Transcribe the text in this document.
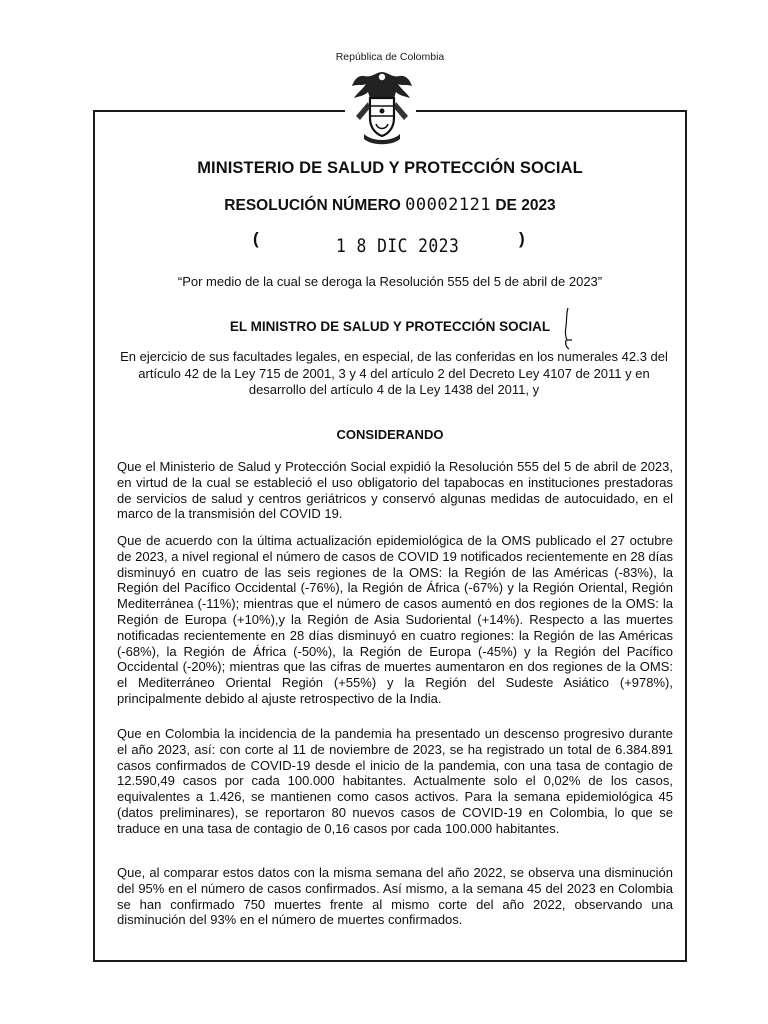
República de Colombia
MINISTERIO DE SALUD Y PROTECCIÓN SOCIAL
RESOLUCIÓN NÚMERO 00002121 DE 2023
(	1 8 DIC 2023	)
“Por medio de la cual se deroga la Resolución 555 del 5 de abril de 2023”
EL MINISTRO DE SALUD Y PROTECCIÓN SOCIAL
En ejercicio de sus facultades legales, en especial, de las conferidas en los numerales 42.3 del artículo 42 de la Ley 715 de 2001, 3 y 4 del artículo 2 del Decreto Ley 4107 de 2011 y en desarrollo del artículo 4 de la Ley 1438 del 2011, y
CONSIDERANDO
Que el Ministerio de Salud y Protección Social expidió la Resolución 555 del 5 de abril de 2023, en virtud de la cual se estableció el uso obligatorio del tapabocas en instituciones prestadoras de servicios de salud y centros geriátricos y conservó algunas medidas de autocuidado, en el marco de la transmisión del COVID 19.
Que de acuerdo con la última actualización epidemiológica de la OMS publicado el 27 octubre de 2023, a nivel regional el número de casos de COVID 19 notificados recientemente en 28 días disminuyó en cuatro de las seis regiones de la OMS: la Región de las Américas (-83%), la Región del Pacífico Occidental (-76%), la Región de África (-67%) y la Región Oriental, Región Mediterránea (-11%); mientras que el número de casos aumentó en dos regiones de la OMS: la Región de Europa (+10%),y la Región de Asia Sudoriental (+14%). Respecto a las muertes notificadas recientemente en 28 días disminuyó en cuatro regiones: la Región de las Américas (-68%), la Región de África (-50%), la Región de Europa (-45%) y la Región del Pacífico Occidental (-20%); mientras que las cifras de muertes aumentaron en dos regiones de la OMS: el Mediterráneo Oriental Región (+55%) y la Región del Sudeste Asiático (+978%), principalmente debido al ajuste retrospectivo de la India.
Que en Colombia la incidencia de la pandemia ha presentado un descenso progresivo durante el año 2023, así: con corte al 11 de noviembre de 2023, se ha registrado un total de 6.384.891 casos confirmados de COVID-19 desde el inicio de la pandemia, con una tasa de contagio de 12.590,49 casos por cada 100.000 habitantes. Actualmente solo el 0,02% de los casos, equivalentes a 1.426, se mantienen como casos activos. Para la semana epidemiológica 45 (datos preliminares), se reportaron 80 nuevos casos de COVID-19 en Colombia, lo que se traduce en una tasa de contagio de 0,16 casos por cada 100.000 habitantes.
Que, al comparar estos datos con la misma semana del año 2022, se observa una disminución del 95% en el número de casos confirmados. Así mismo, a la semana 45 del 2023 en Colombia se han confirmado 750 muertes frente al mismo corte del año 2022, observando una disminución del 93% en el número de muertes confirmados.
